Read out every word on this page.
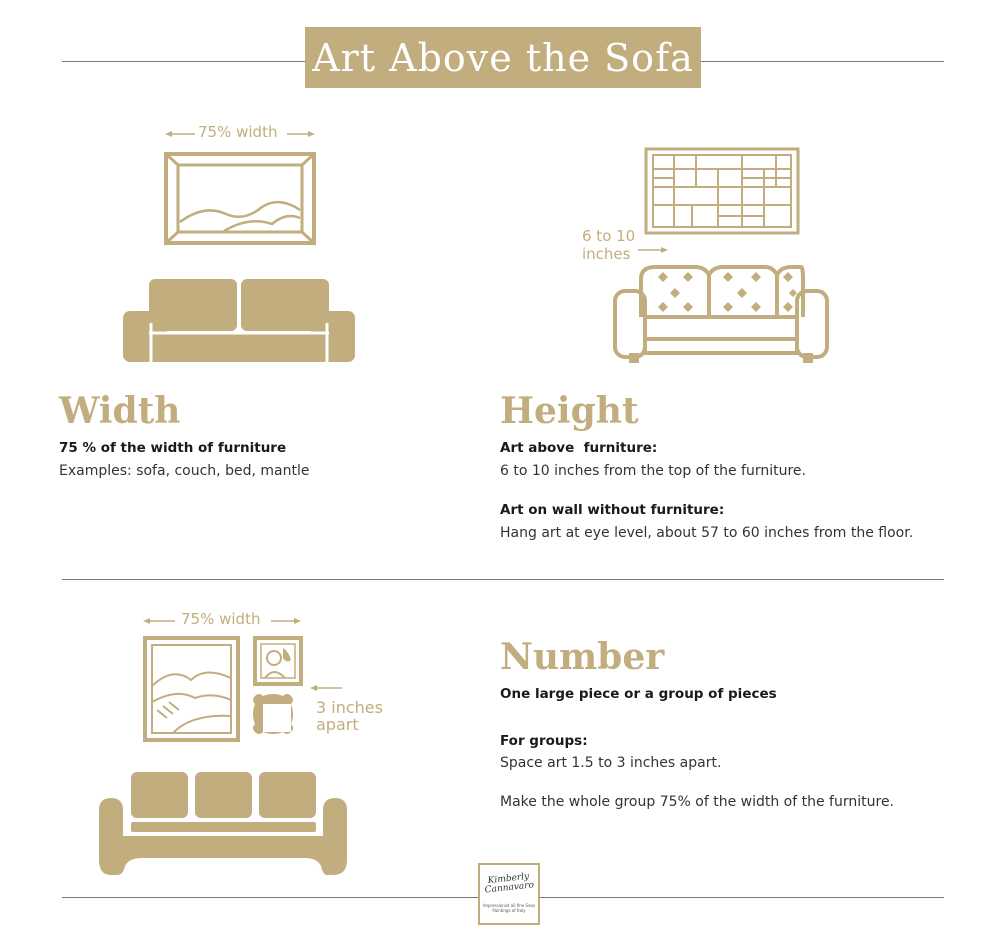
Art Above the Sofa
75% width
6 to 10
inches
Width
75 % of the width of furniture
Examples: sofa, couch, bed, mantle
Height
Art above  furniture:
6 to 10 inches from the top of the furniture.
Art on wall without furniture:
Hang art at eye level, about 57 to 60 inches from the floor.
75% width
3 inches
apart
Number
One large piece or a group of pieces
For groups:
Space art 1.5 to 3 inches apart.
Make the whole group 75% of the width of the furniture.
Kimberly Cannavaro
Impressionist oil fine Seas
Paintings of Italy
